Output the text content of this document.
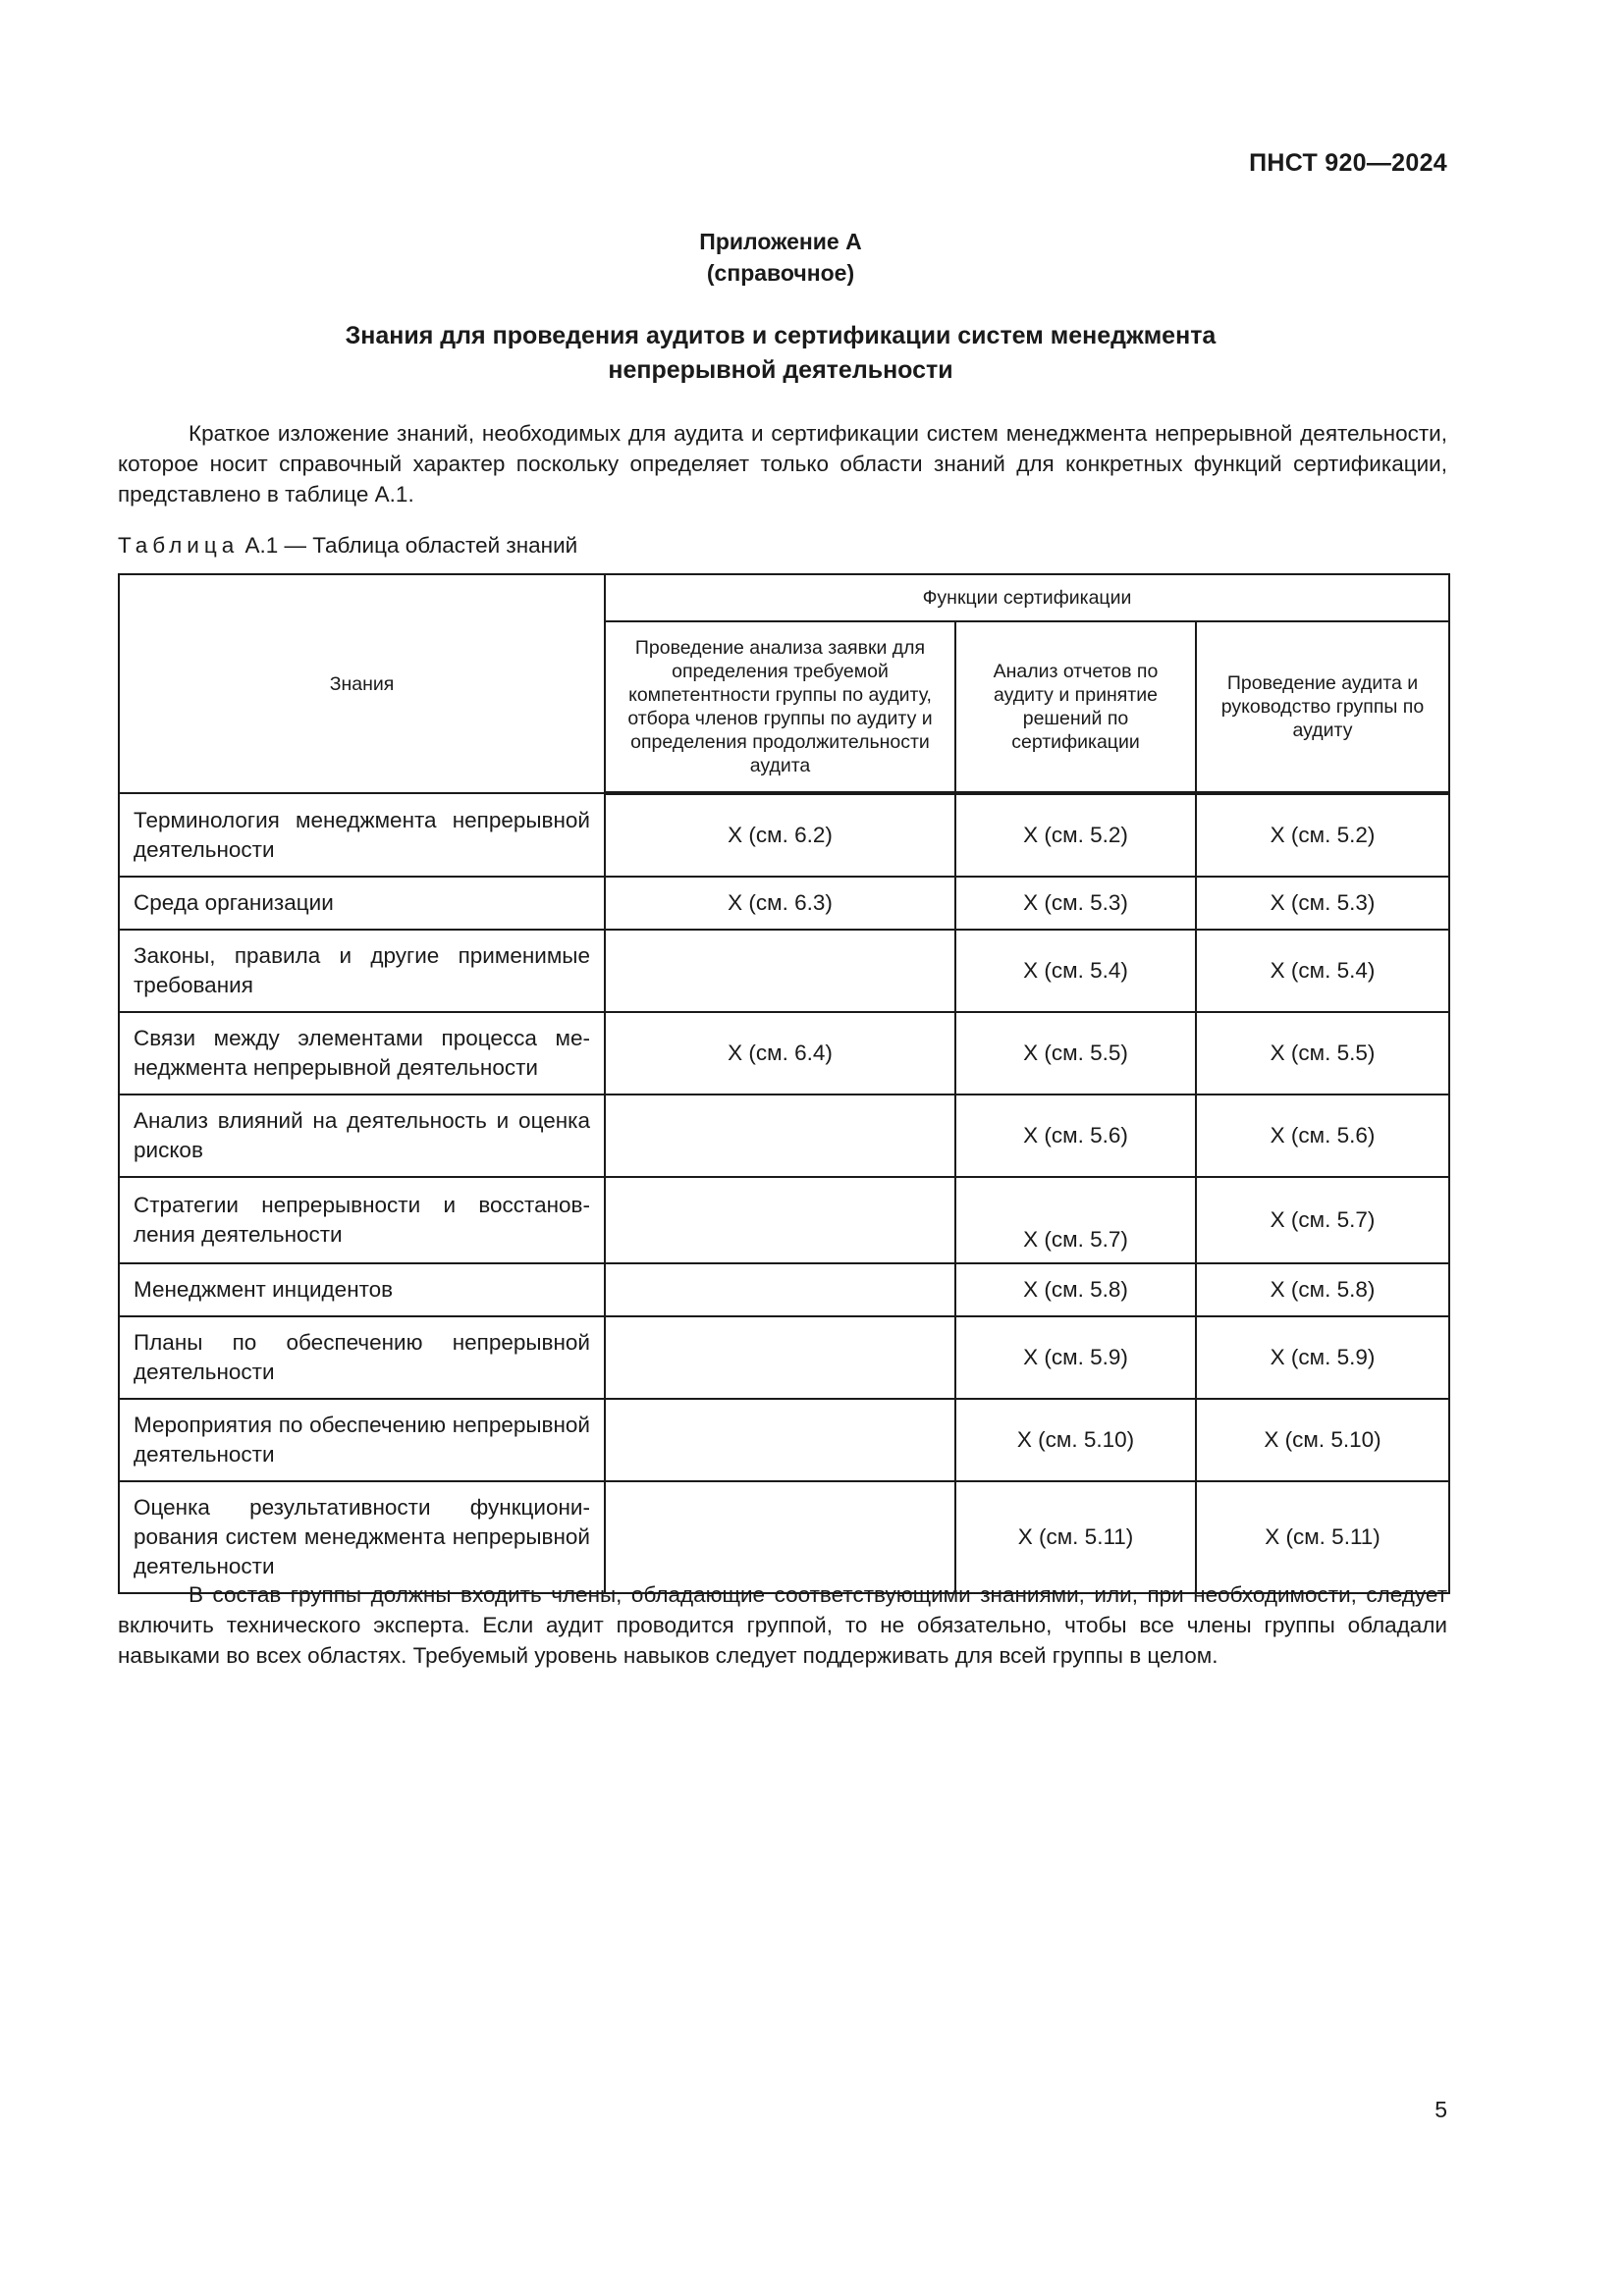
ПНСТ 920—2024
Приложение А
(справочное)
Знания для проведения аудитов и сертификации систем менеджмента
непрерывной деятельности

Краткое изложение знаний, необходимых для аудита и сертификации систем менеджмента непрерывной деятельности, которое носит справочный характер поскольку определяет только области знаний для конкретных функций сертификации, представлено в таблице А.1.

Таблица А.1 — Таблица областей знаний
Знания	Функции сертификации		
	Проведение анализа заявки для определения требуемой компетентности группы по аудиту, отбора членов группы по аудиту и определения продолжительности аудита	Анализ отчетов по аудиту и принятие решений по сертификации	Проведение аудита и руководство группы по аудиту
Терминология менеджмента непрерывной деятельности	X (см. 6.2)	X (см. 5.2)	X (см. 5.2)
Среда организации	X (см. 6.3)	X (см. 5.3)	X (см. 5.3)
Законы, правила и другие применимые требования		X (см. 5.4)	X (см. 5.4)
Связи между элементами процесса менеджмента непрерывной деятельности	X (см. 6.4)	X (см. 5.5)	X (см. 5.5)
Анализ влияний на деятельность и оценка рисков		X (см. 5.6)	X (см. 5.6)
Стратегии непрерывности и восстановления деятельности		X (см. 5.7)	X (см. 5.7)
Менеджмент инцидентов		X (см. 5.8)	X (см. 5.8)
Планы по обеспечению непрерывной деятельности		X (см. 5.9)	X (см. 5.9)
Мероприятия по обеспечению непрерывной деятельности		X (см. 5.10)	X (см. 5.10)
Оценка результативности функционирования систем менеджмента непрерывной деятельности		X (см. 5.11)	X (см. 5.11)

В состав группы должны входить члены, обладающие соответствующими знаниями, или, при необходимости, следует включить технического эксперта. Если аудит проводится группой, то не обязательно, чтобы все члены группы обладали навыками во всех областях. Требуемый уровень навыков следует поддерживать для всей группы в целом.

5
